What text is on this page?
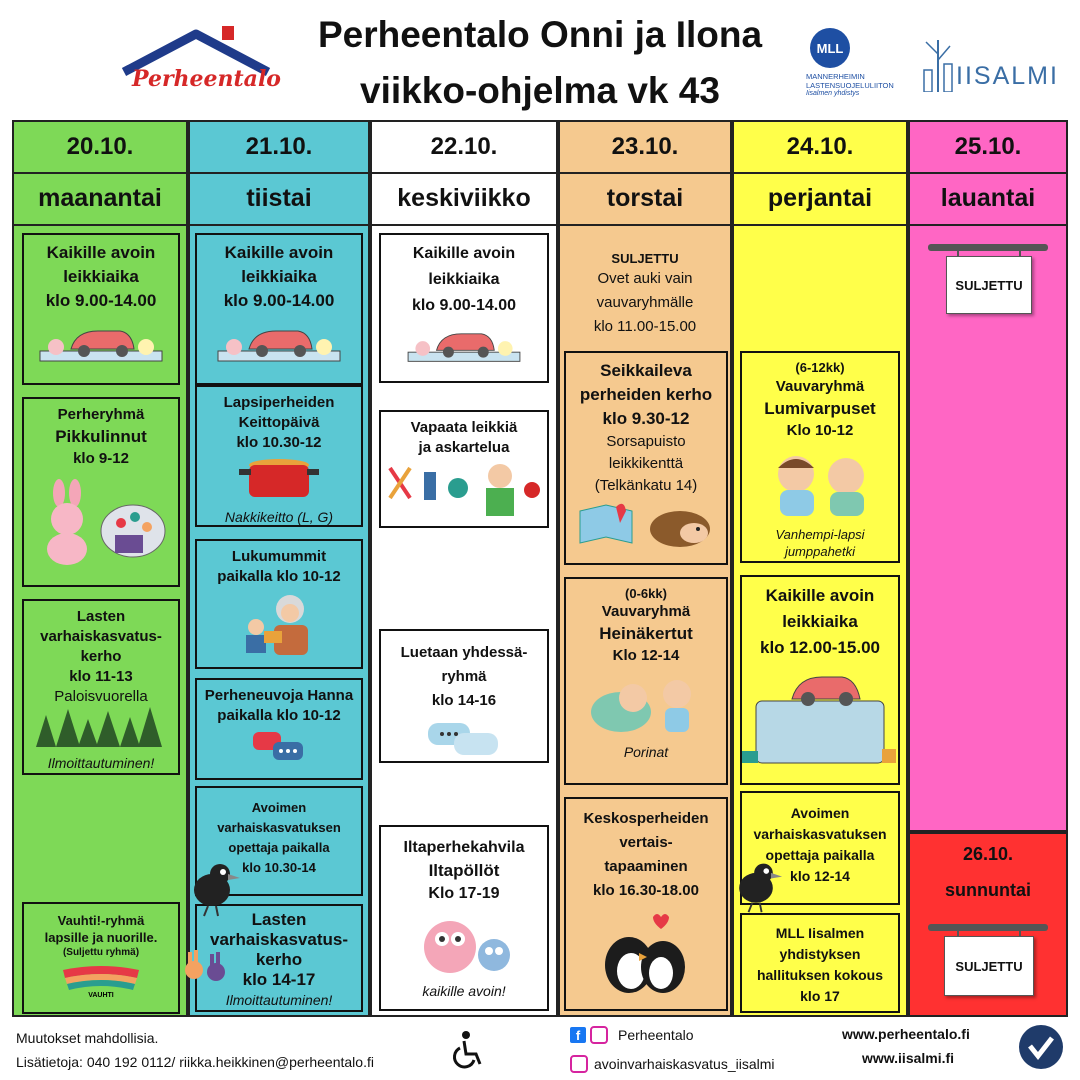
Perheentalo
Perheentalo Onni ja Ilona
viikko-ohjelma vk 43
MLL
MANNERHEIMIN
LASTENSUOJELULIITON
Iisalmen yhdistys
IISALMI
20.10.
maanantai
Kaikille avoin
leikkiaika
klo 9.00-14.00
Perheryhmä
Pikkulinnut
klo 9-12
Lasten
varhaiskasvatus-
kerho
klo 11-13
Paloisvuorella
Ilmoittautuminen!
Vauhti!-ryhmä
lapsille ja nuorille.
(Suljettu ryhmä)
VAUHTI
21.10.
tiistai
Kaikille avoin
leikkiaika
klo 9.00-14.00
Lapsiperheiden
Keittopäivä
klo 10.30-12
Nakkikeitto (L, G)
Lukumummit
paikalla klo 10-12
Perheneuvoja Hanna
paikalla klo 10-12
Avoimen
varhaiskasvatuksen
opettaja paikalla
klo 10.30-14
Lasten
varhaiskasvatus-
kerho
klo 14-17
Ilmoittautuminen!
22.10.
keskiviikko
Kaikille avoin
leikkiaika
klo 9.00-14.00
Vapaata leikkiä
ja askartelua
Luetaan yhdessä-
ryhmä
klo 14-16
Iltaperhekahvila
Iltapöllöt
Klo 17-19
kaikille avoin!
23.10.
torstai
SULJETTU
Ovet auki vain
vauvaryhmälle
klo 11.00-15.00
Seikkaileva
perheiden kerho
klo 9.30-12
Sorsapuisto
leikkikenttä
(Telkänkatu 14)
(0-6kk)
Vauvaryhmä
Heinäkertut
Klo 12-14
Porinat
Keskosperheiden
vertais-
tapaaminen
klo 16.30-18.00
24.10.
perjantai
(6-12kk)
Vauvaryhmä
Lumivarpuset
Klo 10-12
Vanhempi-lapsi
jumppahetki
Kaikille avoin
leikkiaika
klo 12.00-15.00
Avoimen
varhaiskasvatuksen
opettaja paikalla
klo 12-14
MLL Iisalmen
yhdistyksen
hallituksen kokous
klo 17
25.10.
lauantai
SULJETTU
26.10.
sunnuntai
SULJETTU
Muutokset mahdollisia.
Lisätietoja: 040 192 0112/ riikka.heikkinen@perheentalo.fi
f	Perheentalo
avoinvarhaiskasvatus_iisalmi
www.perheentalo.fi
www.iisalmi.fi
